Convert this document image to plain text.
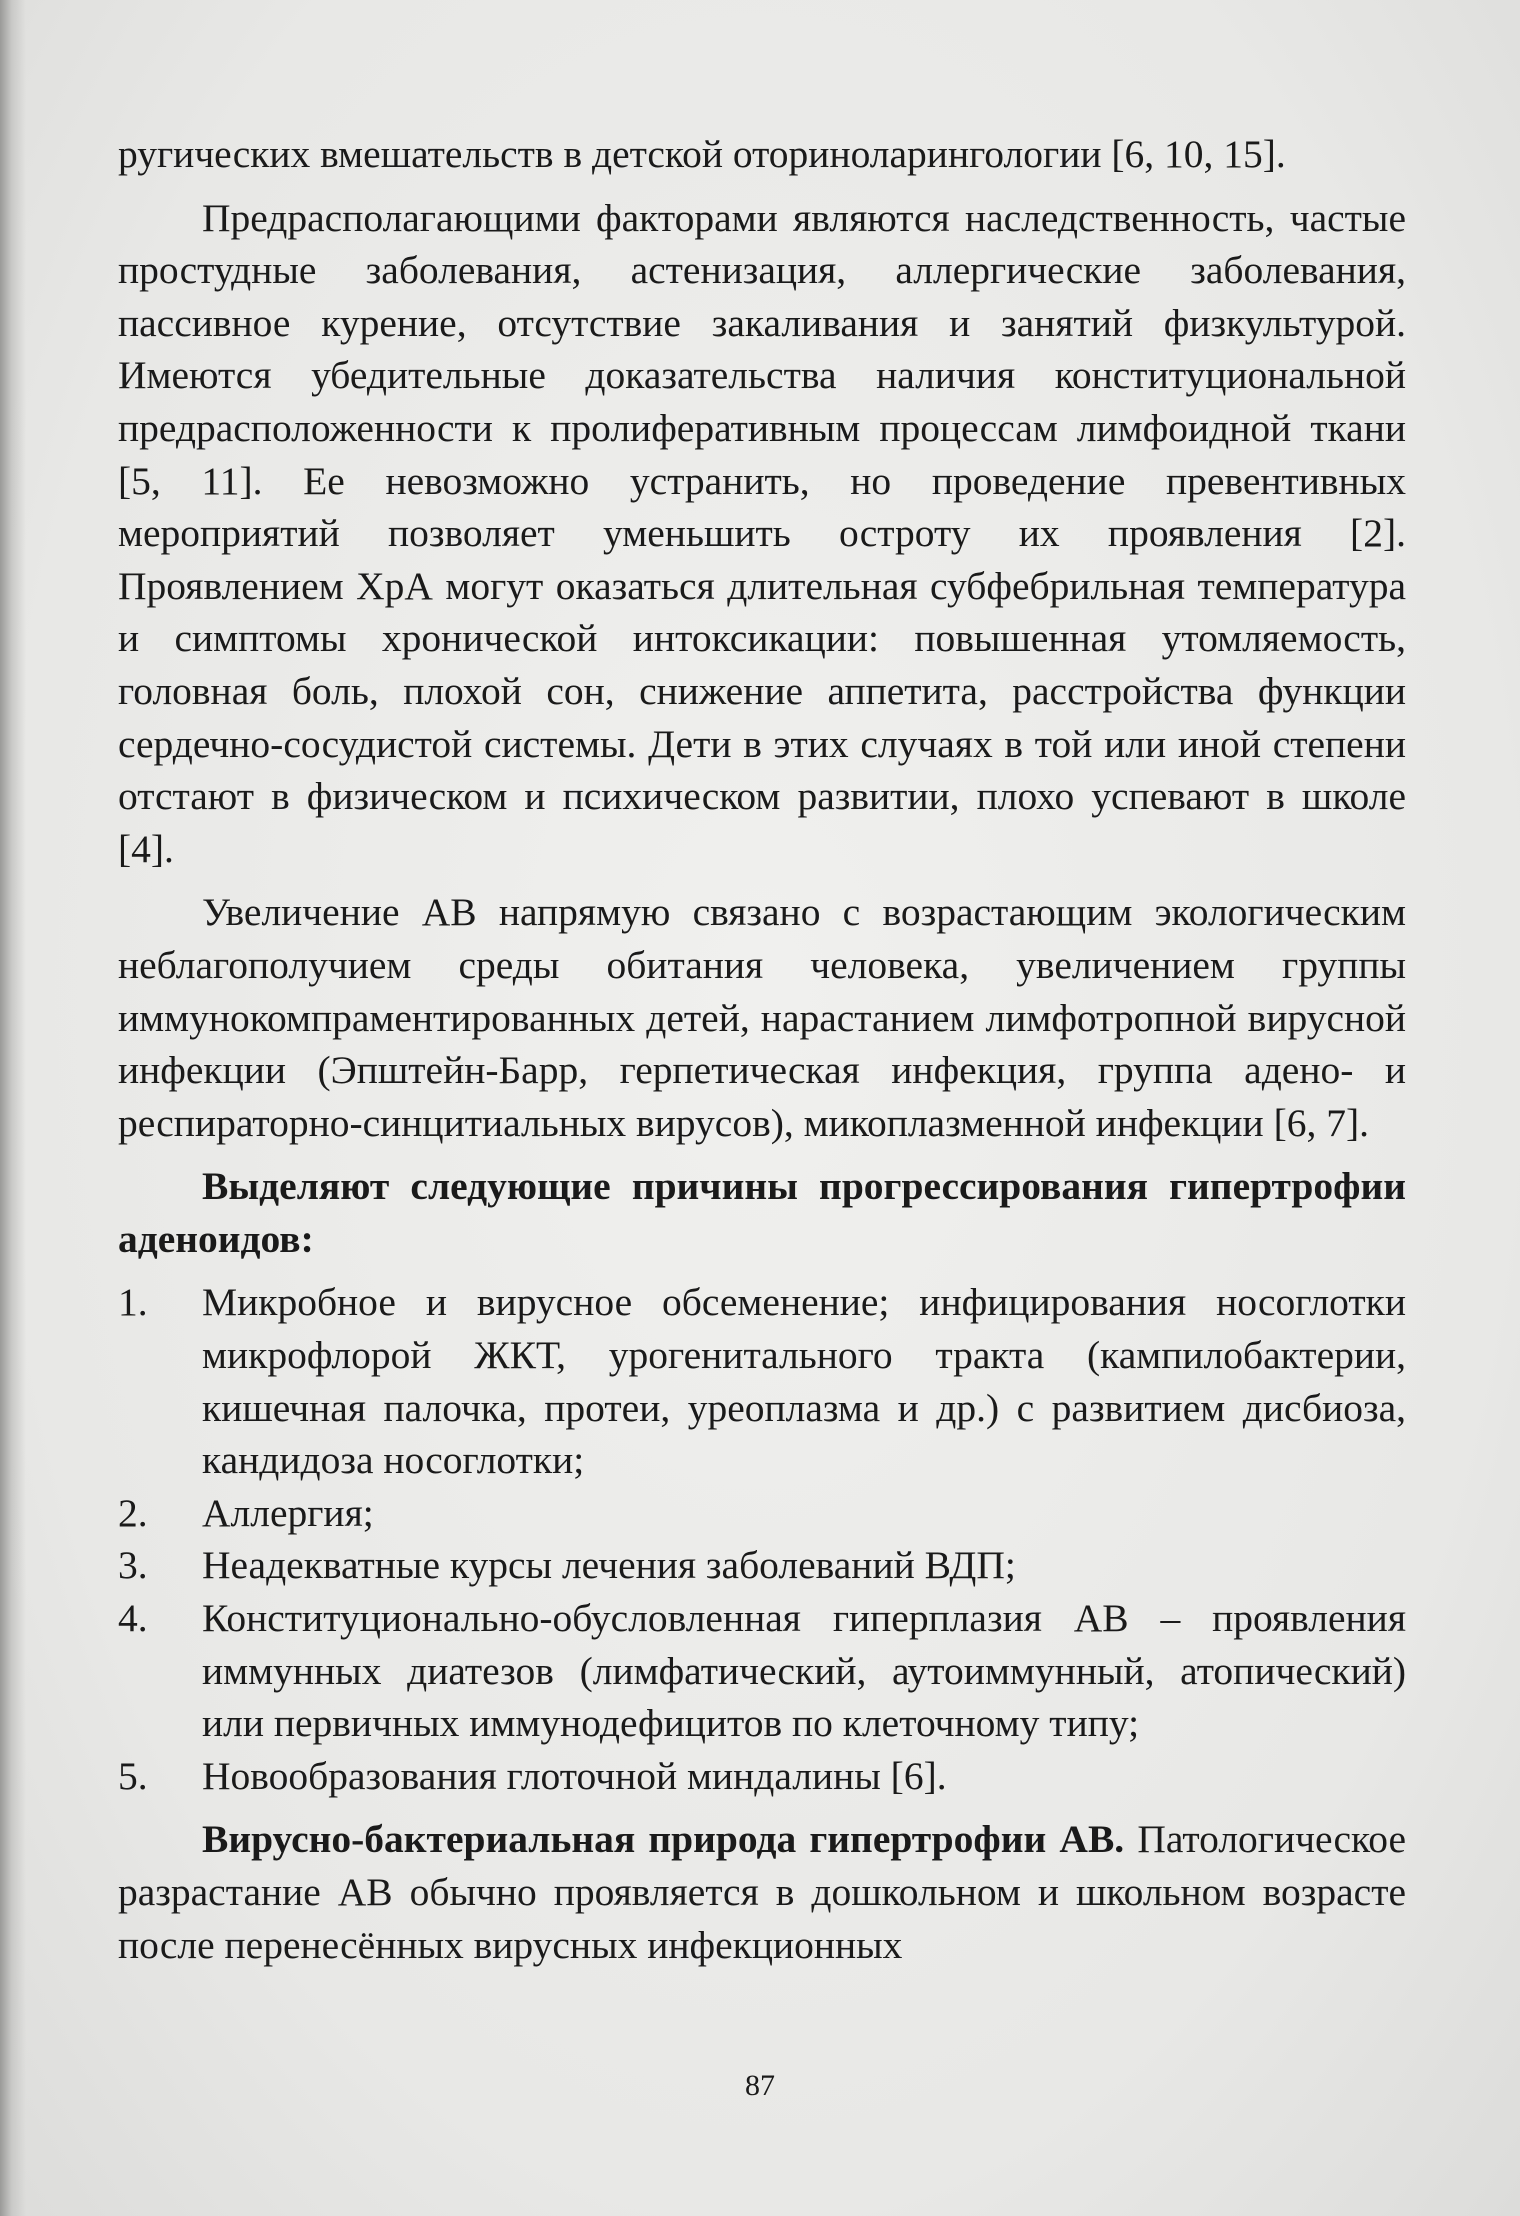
ругических вмешательств в детской оториноларингологии [6, 10, 15].

Предрасполагающими факторами являются наследственность, частые простудные заболевания, астенизация, аллергические заболевания, пассивное курение, отсутствие закаливания и занятий физкультурой. Имеются убедительные доказательства наличия конституциональной предрасположенности к пролиферативным процессам лимфоидной ткани [5, 11]. Ее невозможно устранить, но проведение превентивных мероприятий позволяет уменьшить остроту их проявления [2]. Проявлением ХрА могут оказаться длительная субфебрильная температура и симптомы хронической интоксикации: повышенная утомляемость, головная боль, плохой сон, снижение аппетита, расстройства функции сердечно-сосудистой системы. Дети в этих случаях в той или иной степени отстают в физическом и психическом развитии, плохо успевают в школе [4].

Увеличение АВ напрямую связано с возрастающим экологическим неблагополучием среды обитания человека, увеличением группы иммунокомпраментированных детей, нарастанием лимфотропной вирусной инфекции (Эпштейн-Барр, герпетическая инфекция, группа адено- и респираторно-синцитиальных вирусов), микоплазменной инфекции [6, 7].

Выделяют следующие причины прогрессирования гипертрофии аденоидов:

1.	Микробное и вирусное обсеменение; инфицирования носоглотки микрофлорой ЖКТ, урогенитального тракта (кампилобактерии, кишечная палочка, протеи, уреоплазма и др.) с развитием дисбиоза, кандидоза носоглотки;
2.	Аллергия;
3.	Неадекватные курсы лечения заболеваний ВДП;
4.	Конституционально-обусловленная гиперплазия АВ – проявления иммунных диатезов (лимфатический, аутоиммунный, атопический) или первичных иммунодефицитов по клеточному типу;
5.	Новообразования глоточной миндалины [6].

Вирусно-бактериальная природа гипертрофии АВ. Патологическое разрастание АВ обычно проявляется в дошкольном и школьном возрасте после перенесённых вирусных инфекционных

87
